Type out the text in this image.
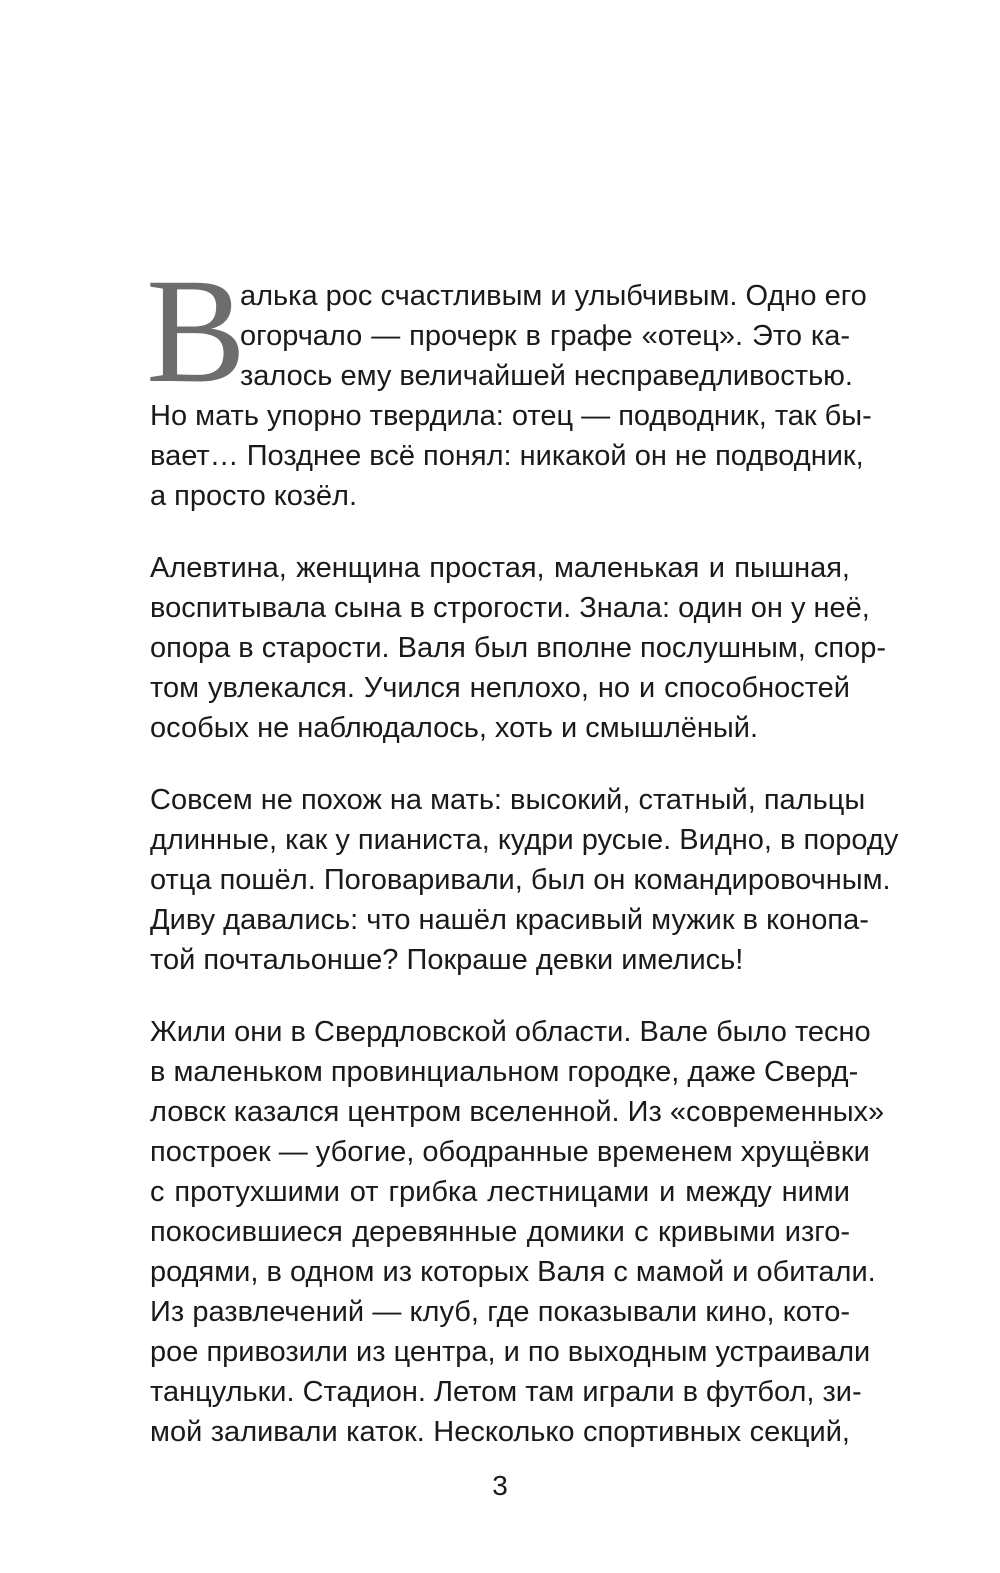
В
алька рос счастливым и улыбчивым. Одно его
огорчало — прочерк в графе «отец». Это ка-
залось ему величайшей несправедливостью.
Но мать упорно твердила: отец — подводник, так бы-
вает… Позднее всё понял: никакой он не подводник,
а просто козёл.
Алевтина, женщина простая, маленькая и пышная,
воспитывала сына в строгости. Знала: один он у неё,
опора в старости. Валя был вполне послушным, спор-
том увлекался. Учился неплохо, но и способностей
особых не наблюдалось, хоть и смышлёный.
Совсем не похож на мать: высокий, статный, пальцы
длинные, как у пианиста, кудри русые. Видно, в породу
отца пошёл. Поговаривали, был он командировочным.
Диву давались: что нашёл красивый мужик в конопа-
той почтальонше? Покраше девки имелись!
Жили они в Свердловской области. Вале было тесно
в маленьком провинциальном городке, даже Сверд-
ловск казался центром вселенной. Из «современных»
построек — убогие, ободранные временем хрущёвки
с протухшими от грибка лестницами и между ними
покосившиеся деревянные домики с кривыми изго-
родями, в одном из которых Валя с мамой и обитали.
Из развлечений — клуб, где показывали кино, кото-
рое привозили из центра, и по выходным устраивали
танцульки. Стадион. Летом там играли в футбол, зи-
мой заливали каток. Несколько спортивных секций,
3
